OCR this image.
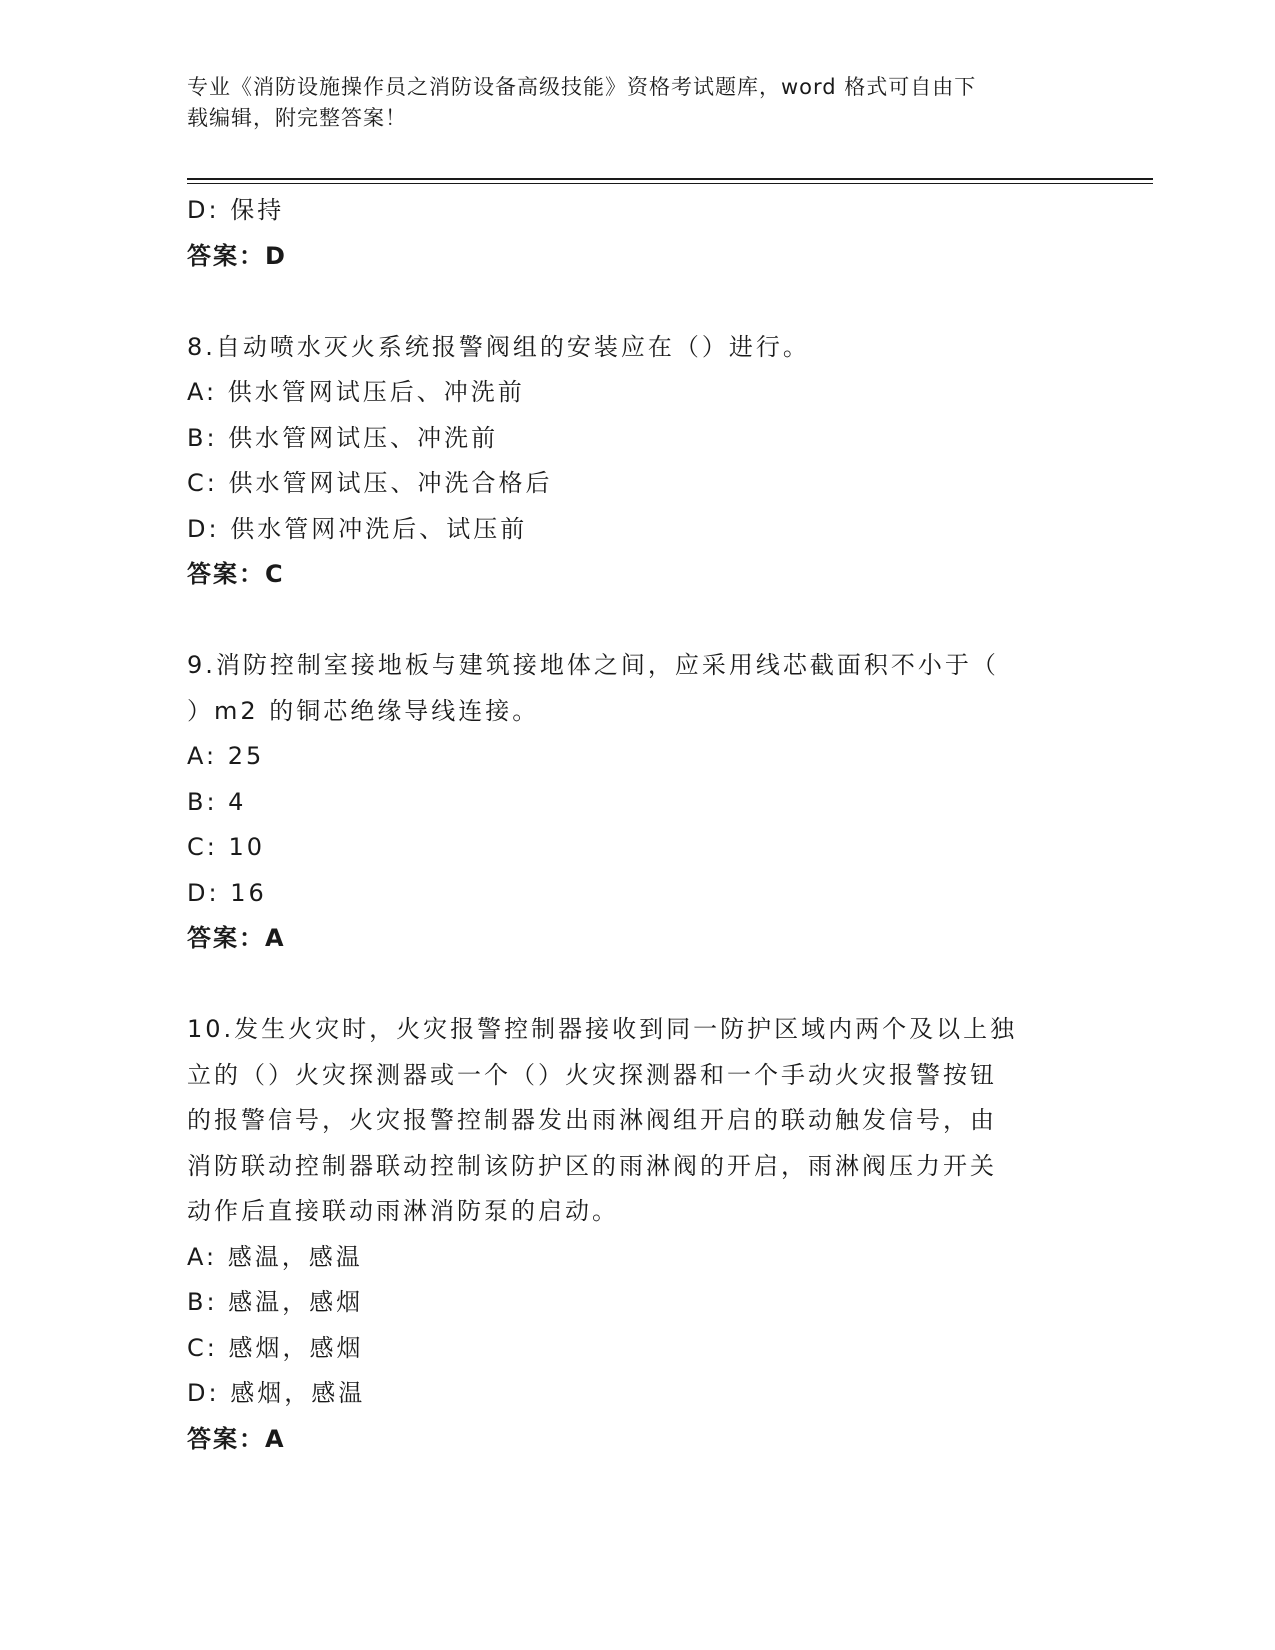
专业《消防设施操作员之消防设备高级技能》资格考试题库，word 格式可自由下
载编辑，附完整答案！
D: 保持
答案：D
8.自动喷水灭火系统报警阀组的安装应在（）进行。
A: 供水管网试压后、冲洗前
B: 供水管网试压、冲洗前
C: 供水管网试压、冲洗合格后
D: 供水管网冲洗后、试压前
答案：C
9.消防控制室接地板与建筑接地体之间，应采用线芯截面积不小于（
）m2 的铜芯绝缘导线连接。
A: 25
B: 4
C: 10
D: 16
答案：A
10.发生火灾时，火灾报警控制器接收到同一防护区域内两个及以上独
立的（）火灾探测器或一个（）火灾探测器和一个手动火灾报警按钮
的报警信号，火灾报警控制器发出雨淋阀组开启的联动触发信号，由
消防联动控制器联动控制该防护区的雨淋阀的开启，雨淋阀压力开关
动作后直接联动雨淋消防泵的启动。
A: 感温，感温
B: 感温，感烟
C: 感烟，感烟
D: 感烟，感温
答案：A
